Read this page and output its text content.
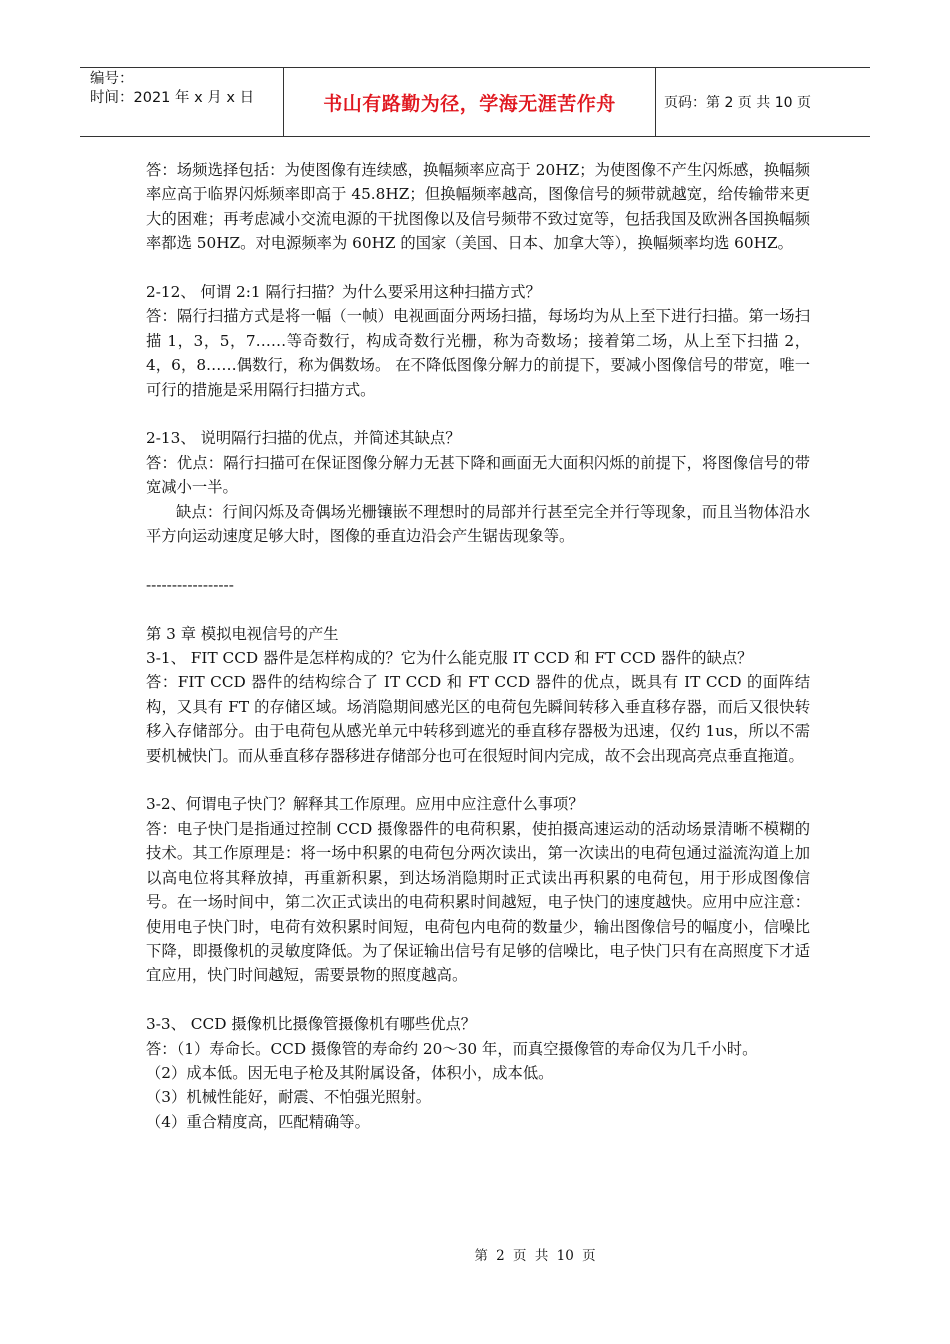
编号：
时间：2021 年 x 月 x 日	书山有路勤为径，学海无涯苦作舟	页码：第 2 页 共 10 页

答：场频选择包括：为使图像有连续感，换幅频率应高于 20HZ；为使图像不产生闪烁感，换幅频率应高于临界闪烁频率即高于 45.8HZ；但换幅频率越高，图像信号的频带就越宽，给传输带来更大的困难；再考虑减小交流电源的干扰图像以及信号频带不致过宽等，包括我国及欧洲各国换幅频率都选 50HZ。对电源频率为 60HZ 的国家（美国、日本、加拿大等），换幅频率均选 60HZ。

2-12、 何谓 2:1 隔行扫描？为什么要采用这种扫描方式？

答：隔行扫描方式是将一幅（一帧）电视画面分两场扫描，每场均为从上至下进行扫描。第一场扫描 1，3，5，7……等奇数行，构成奇数行光栅，称为奇数场；接着第二场，从上至下扫描 2，4，6，8……偶数行，称为偶数场。 在不降低图像分解力的前提下，要减小图像信号的带宽，唯一可行的措施是采用隔行扫描方式。

2-13、 说明隔行扫描的优点，并简述其缺点？

答：优点：隔行扫描可在保证图像分解力无甚下降和画面无大面积闪烁的前提下，将图像信号的带宽减小一半。

缺点：行间闪烁及奇偶场光栅镶嵌不理想时的局部并行甚至完全并行等现象，而且当物体沿水平方向运动速度足够大时，图像的垂直边沿会产生锯齿现象等。

-----------------

第 3 章 模拟电视信号的产生

3-1、 FIT CCD 器件是怎样构成的？它为什么能克服 IT CCD 和 FT CCD 器件的缺点？

答：FIT CCD 器件的结构综合了 IT CCD 和 FT CCD 器件的优点，既具有 IT CCD 的面阵结构，又具有 FT 的存储区域。场消隐期间感光区的电荷包先瞬间转移入垂直移存器，而后又很快转移入存储部分。由于电荷包从感光单元中转移到遮光的垂直移存器极为迅速，仅约 1us，所以不需要机械快门。而从垂直移存器移进存储部分也可在很短时间内完成，故不会出现高亮点垂直拖道。

3-2、何谓电子快门？解释其工作原理。应用中应注意什么事项？

答：电子快门是指通过控制 CCD 摄像器件的电荷积累，使拍摄高速运动的活动场景清晰不模糊的技术。其工作原理是：将一场中积累的电荷包分两次读出，第一次读出的电荷包通过溢流沟道上加以高电位将其释放掉，再重新积累，到达场消隐期时正式读出再积累的电荷包，用于形成图像信号。在一场时间中，第二次正式读出的电荷积累时间越短，电子快门的速度越快。应用中应注意：使用电子快门时，电荷有效积累时间短，电荷包内电荷的数量少，输出图像信号的幅度小，信噪比下降，即摄像机的灵敏度降低。为了保证输出信号有足够的信噪比，电子快门只有在高照度下才适宜应用，快门时间越短，需要景物的照度越高。

3-3、 CCD 摄像机比摄像管摄像机有哪些优点？

答：（1）寿命长。CCD 摄像管的寿命约 20～30 年，而真空摄像管的寿命仅为几千小时。

（2）成本低。因无电子枪及其附属设备，体积小，成本低。

（3）机械性能好，耐震、不怕强光照射。

（4）重合精度高，匹配精确等。

第 2 页 共 10 页
